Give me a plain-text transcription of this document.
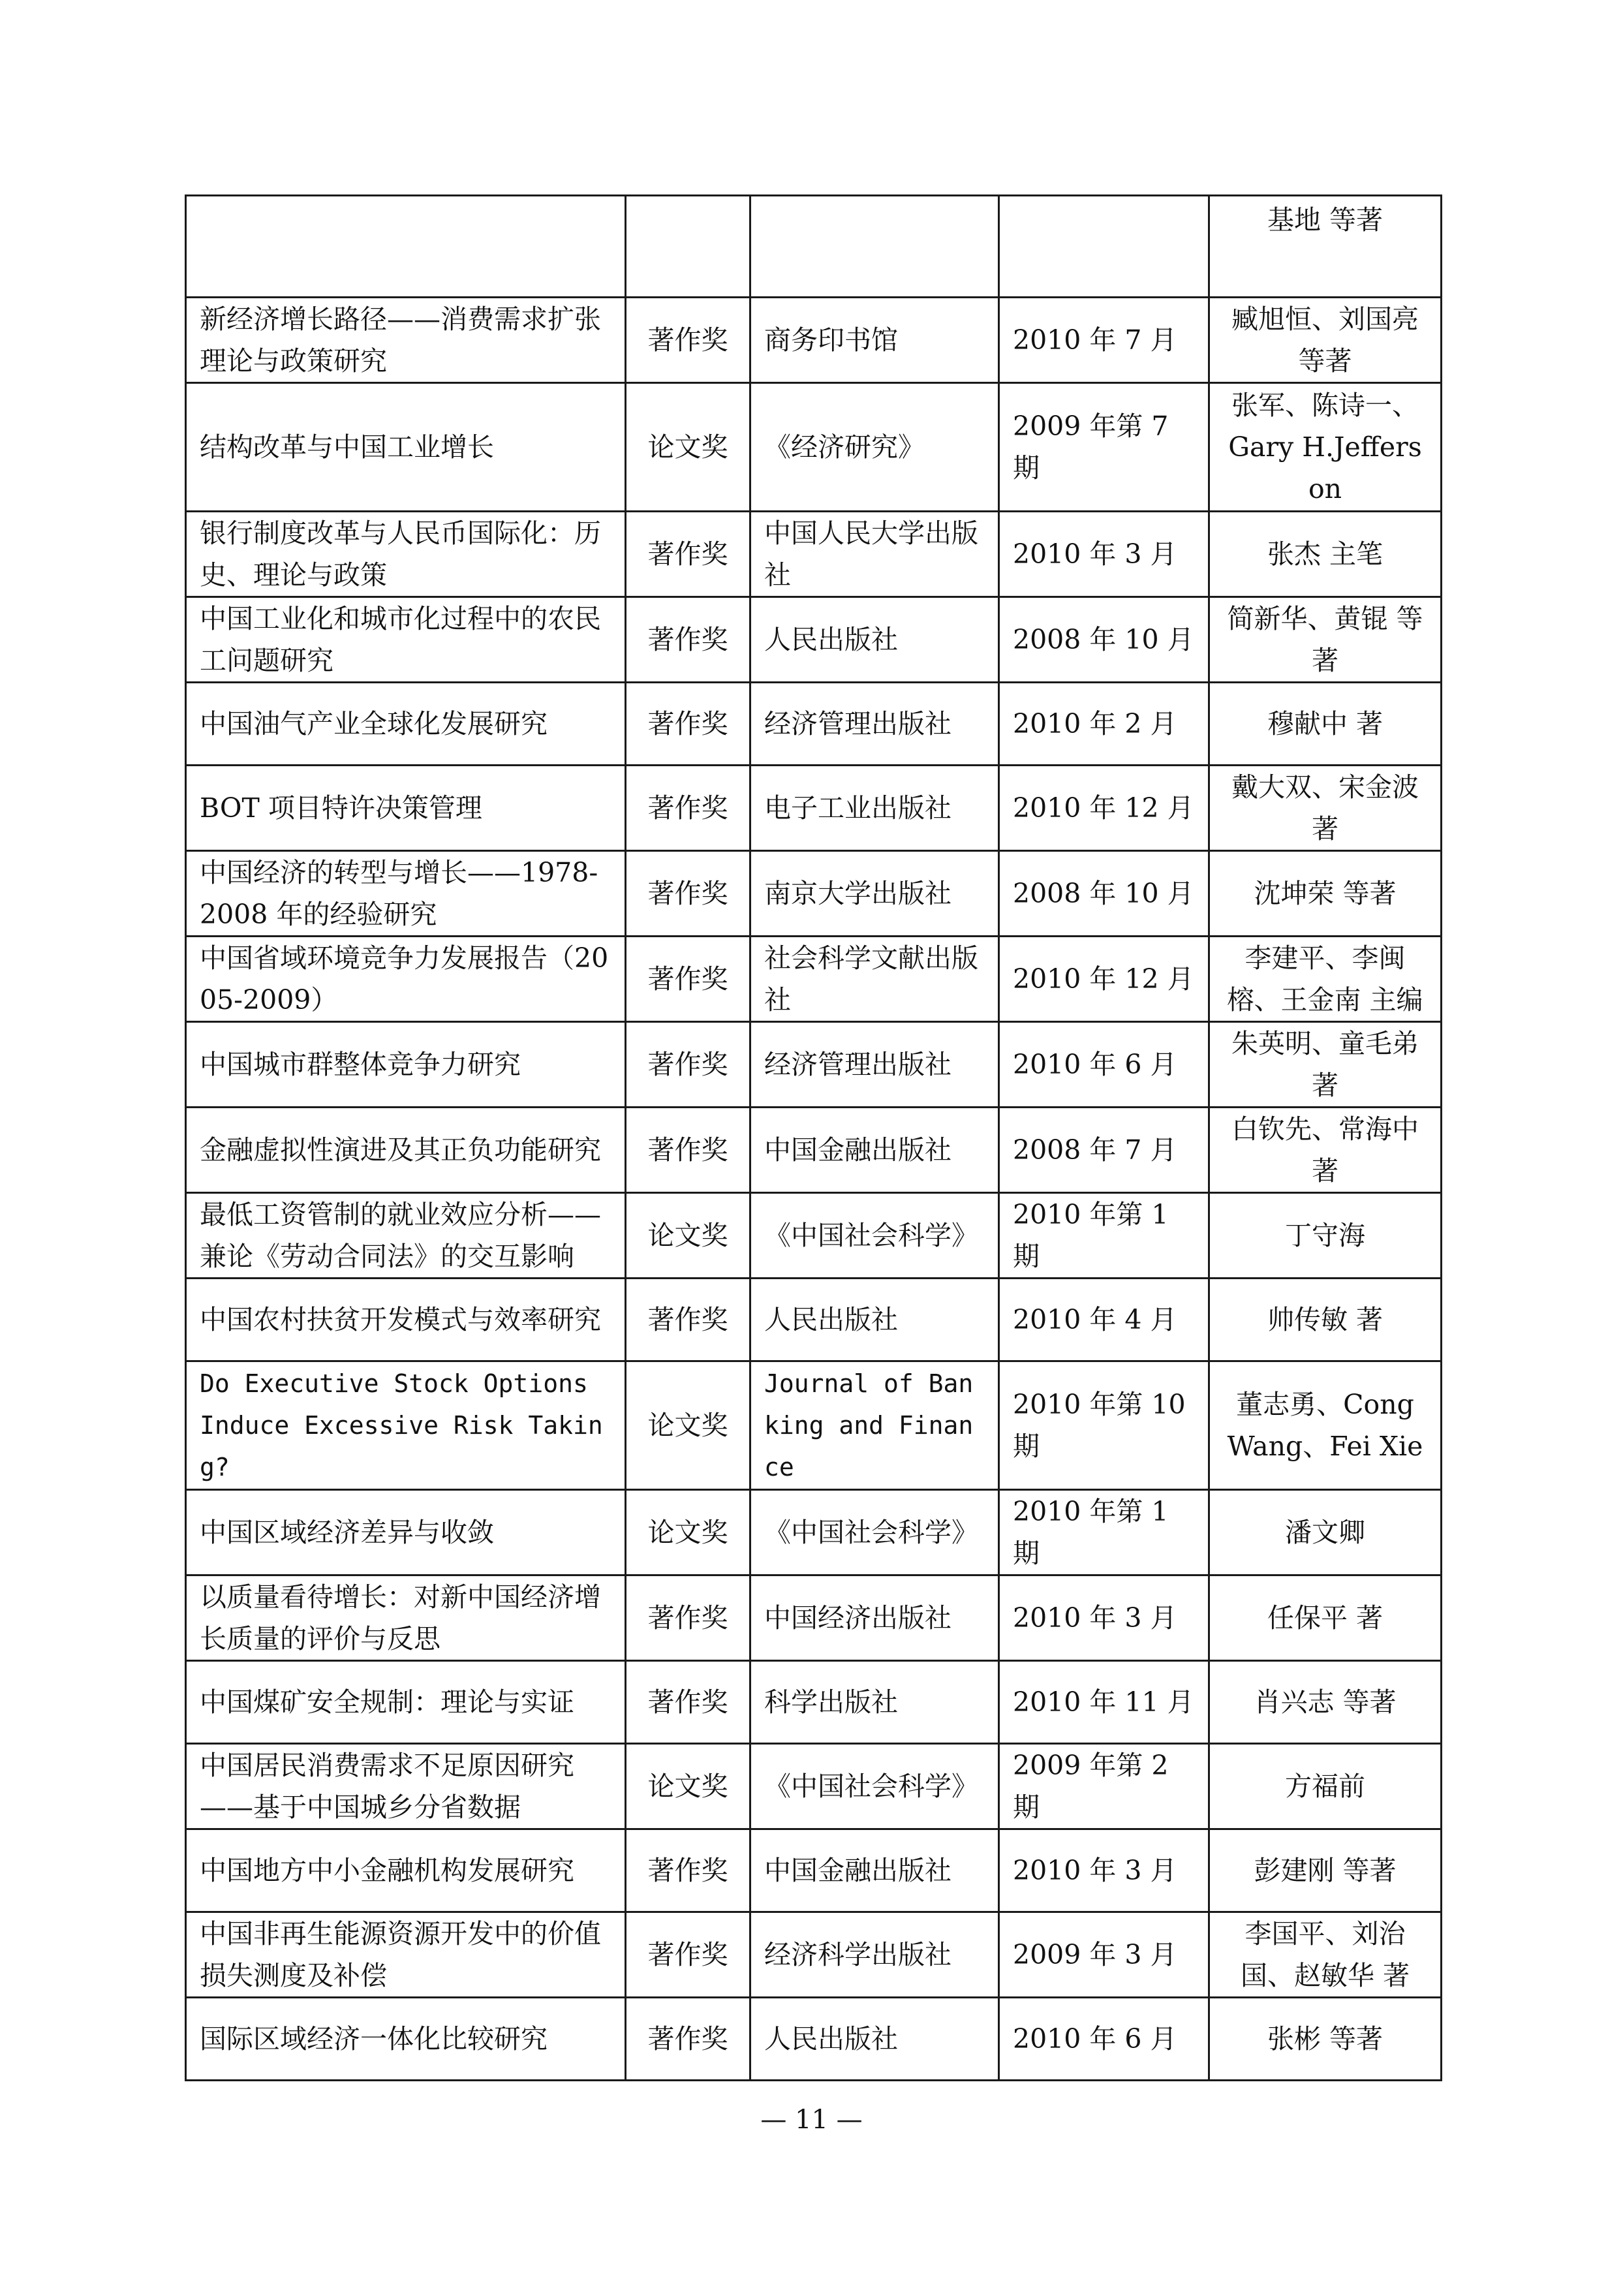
				基地 等著
新经济增长路径——消费需求扩张理论与政策研究	著作奖	商务印书馆	2010 年 7 月	臧旭恒、刘国亮 等著
结构改革与中国工业增长	论文奖	《经济研究》	2009 年第 7 期	张军、陈诗一、Gary H.Jefferson
银行制度改革与人民币国际化：历史、理论与政策	著作奖	中国人民大学出版社	2010 年 3 月	张杰 主笔
中国工业化和城市化过程中的农民工问题研究	著作奖	人民出版社	2008 年 10 月	简新华、黄锟 等著
中国油气产业全球化发展研究	著作奖	经济管理出版社	2010 年 2 月	穆献中 著
BOT 项目特许决策管理	著作奖	电子工业出版社	2010 年 12 月	戴大双、宋金波 著
中国经济的转型与增长——1978-2008 年的经验研究	著作奖	南京大学出版社	2008 年 10 月	沈坤荣 等著
中国省域环境竞争力发展报告（2005-2009）	著作奖	社会科学文献出版社	2010 年 12 月	李建平、李闽榕、王金南 主编
中国城市群整体竞争力研究	著作奖	经济管理出版社	2010 年 6 月	朱英明、童毛弟 著
金融虚拟性演进及其正负功能研究	著作奖	中国金融出版社	2008 年 7 月	白钦先、常海中 著
最低工资管制的就业效应分析——兼论《劳动合同法》的交互影响	论文奖	《中国社会科学》	2010 年第 1 期	丁守海
中国农村扶贫开发模式与效率研究	著作奖	人民出版社	2010 年 4 月	帅传敏 著
Do Executive Stock Options Induce Excessive Risk Taking?	论文奖	Journal of Banking and Finance	2010 年第 10 期	董志勇、Cong Wang、Fei Xie
中国区域经济差异与收敛	论文奖	《中国社会科学》	2010 年第 1 期	潘文卿
以质量看待增长：对新中国经济增长质量的评价与反思	著作奖	中国经济出版社	2010 年 3 月	任保平 著
中国煤矿安全规制：理论与实证	著作奖	科学出版社	2010 年 11 月	肖兴志 等著
中国居民消费需求不足原因研究——基于中国城乡分省数据	论文奖	《中国社会科学》	2009 年第 2 期	方福前
中国地方中小金融机构发展研究	著作奖	中国金融出版社	2010 年 3 月	彭建刚 等著
中国非再生能源资源开发中的价值损失测度及补偿	著作奖	经济科学出版社	2009 年 3 月	李国平、刘治国、赵敏华 著
国际区域经济一体化比较研究	著作奖	人民出版社	2010 年 6 月	张彬 等著
— 11 —
